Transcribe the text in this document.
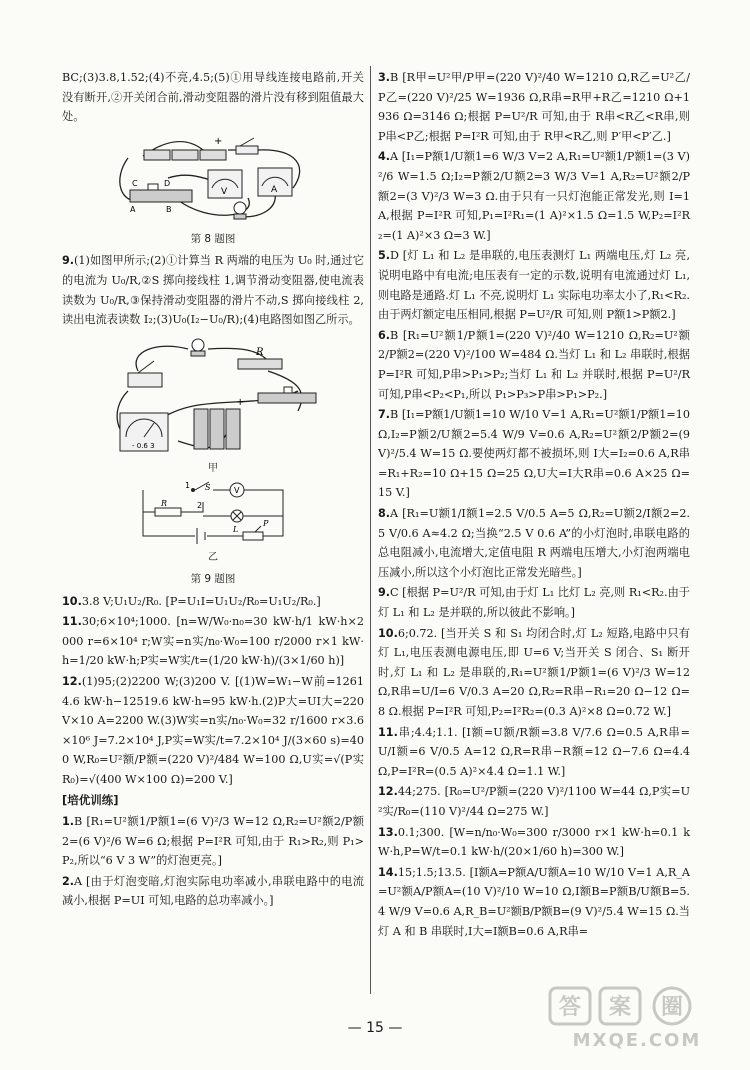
BC;(3)3.8,1.52;(4)不亮,4.5;(5)①用导线连接电路前,开关没有断开,②开关闭合前,滑动变阻器的滑片没有移到阻值最大处。

+
C	D
A	B
V	A
第 8 题图

9.(1)如图甲所示;(2)①计算当 R 两端的电压为 U₀ 时,通过它的电流为 U₀/R,②S 掷向接线柱 1,调节滑动变阻器,使电流表读数为 U₀/R,③保持滑动变阻器的滑片不动,S 掷向接线柱 2,读出电流表读数 I₂;(3)U₀(I₂−U₀/R);(4)电路图如图乙所示。

R
- 0.6 3
+
甲
1 S
2
V
R
L
P
乙
第 9 题图

10.3.8 V;U₁U₂/R₀. [P=U₁I=U₁U₂/R₀=U₁U₂/R₀.]

11.30;6×10⁴;1000. [n=W/W₀·n₀=30 kW·h/1 kW·h×2000 r=6×10⁴ r;W实=n实/n₀·W₀=100 r/2000 r×1 kW·h=1/20 kW·h;P实=W实/t=(1/20 kW·h)/(3×1/60 h)]

12.(1)95;(2)2200 W;(3)200 V. [(1)W=W₁−W前=12614.6 kW·h−12519.6 kW·h=95 kW·h.(2)P大=UI大=220 V×10 A=2200 W.(3)W实=n实/n₀·W₀=32 r/1600 r×3.6×10⁶ J=7.2×10⁴ J,P实=W实/t=7.2×10⁴ J/(3×60 s)=400 W,R₀=U²额/P额=(220 V)²/484 W=100 Ω,U实=√(P实R₀)=√(400 W×100 Ω)=200 V.]

[培优训练]

1.B [R₁=U²额1/P额1=(6 V)²/3 W=12 Ω,R₂=U²额2/P额2=(6 V)²/6 W=6 Ω;根据 P=I²R 可知,由于 R₁>R₂,则 P₁>P₂,所以“6 V 3 W”的灯泡更亮。]

2.A [由于灯泡变暗,灯泡实际电功率减小,串联电路中的电流减小,根据 P=UI 可知,电路的总功率减小。]

3.B [R甲=U²甲/P甲=(220 V)²/40 W=1210 Ω,R乙=U²乙/P乙=(220 V)²/25 W=1936 Ω,R串=R甲+R乙=1210 Ω+1936 Ω=3146 Ω;根据 P=U²/R 可知,由于 R串<R乙<R串,则 P串<P乙;根据 P=I²R 可知,由于 R甲<R乙,则 P′甲<P′乙.]

4.A [I₁=P额1/U额1=6 W/3 V=2 A,R₁=U²额1/P额1=(3 V)²/6 W=1.5 Ω;I₂=P额2/U额2=3 W/3 V=1 A,R₂=U²额2/P额2=(3 V)²/3 W=3 Ω.由于只有一只灯泡能正常发光,则 I=1 A,根据 P=I²R 可知,P₁=I²R₁=(1 A)²×1.5 Ω=1.5 W,P₂=I²R₂=(1 A)²×3 Ω=3 W.]

5.D [灯 L₁ 和 L₂ 是串联的,电压表测灯 L₁ 两端电压,灯 L₂ 亮,说明电路中有电流;电压表有一定的示数,说明有电流通过灯 L₁,则电路是通路.灯 L₁ 不亮,说明灯 L₁ 实际电功率太小了,R₁<R₂.由于两灯额定电压相同,根据 P=U²/R 可知,则 P额1>P额2.]

6.B [R₁=U²额1/P额1=(220 V)²/40 W=1210 Ω,R₂=U²额2/P额2=(220 V)²/100 W=484 Ω.当灯 L₁ 和 L₂ 串联时,根据 P=I²R 可知,P串>P₁>P₂;当灯 L₁ 和 L₂ 并联时,根据 P=U²/R 可知,P串<P₂<P₁,所以 P₁>P₃>P串>P₁>P₂.]

7.B [I₁=P额1/U额1=10 W/10 V=1 A,R₁=U²额1/P额1=10 Ω,I₂=P额2/U额2=5.4 W/9 V=0.6 A,R₂=U²额2/P额2=(9 V)²/5.4 W=15 Ω.要使两灯都不被损坏,则 I大=I₂=0.6 A,R串=R₁+R₂=10 Ω+15 Ω=25 Ω,U大=I大R串=0.6 A×25 Ω=15 V.]

8.A [R₁=U额1/I额1=2.5 V/0.5 A=5 Ω,R₂=U额2/I额2=2.5 V/0.6 A≈4.2 Ω;当换“2.5 V 0.6 A”的小灯泡时,串联电路的总电阻减小,电流增大,定值电阻 R 两端电压增大,小灯泡两端电压减小,所以这个小灯泡比正常发光暗些。]

9.C [根据 P=U²/R 可知,由于灯 L₁ 比灯 L₂ 亮,则 R₁<R₂.由于灯 L₁ 和 L₂ 是并联的,所以彼此不影响。]

10.6;0.72. [当开关 S 和 S₁ 均闭合时,灯 L₂ 短路,电路中只有灯 L₁,电压表测电源电压,即 U=6 V;当开关 S 闭合、S₁ 断开时,灯 L₁ 和 L₂ 是串联的,R₁=U²额1/P额1=(6 V)²/3 W=12 Ω,R串=U/I=6 V/0.3 A=20 Ω,R₂=R串−R₁=20 Ω−12 Ω=8 Ω.根据 P=I²R 可知,P₂=I²R₂=(0.3 A)²×8 Ω=0.72 W.]

11.串;4.4;1.1. [I额=U额/R额=3.8 V/7.6 Ω=0.5 A,R串=U/I额=6 V/0.5 A=12 Ω,R=R串−R额=12 Ω−7.6 Ω=4.4 Ω,P=I²R=(0.5 A)²×4.4 Ω=1.1 W.]

12.44;275. [R₀=U²/P额=(220 V)²/1100 W=44 Ω,P实=U²实/R₀=(110 V)²/44 Ω=275 W.]

13.0.1;300. [W=n/n₀·W₀=300 r/3000 r×1 kW·h=0.1 kW·h,P=W/t=0.1 kW·h/(20×1/60 h)=300 W.]

14.15;1.5;13.5. [I额A=P额A/U额A=10 W/10 V=1 A,R_A=U²额A/P额A=(10 V)²/10 W=10 Ω,I额B=P额B/U额B=5.4 W/9 V=0.6 A,R_B=U²额B/P额B=(9 V)²/5.4 W=15 Ω.当灯 A 和 B 串联时,I大=I额B=0.6 A,R串=

— 15 —
答 案 圈
MXQE.COM
